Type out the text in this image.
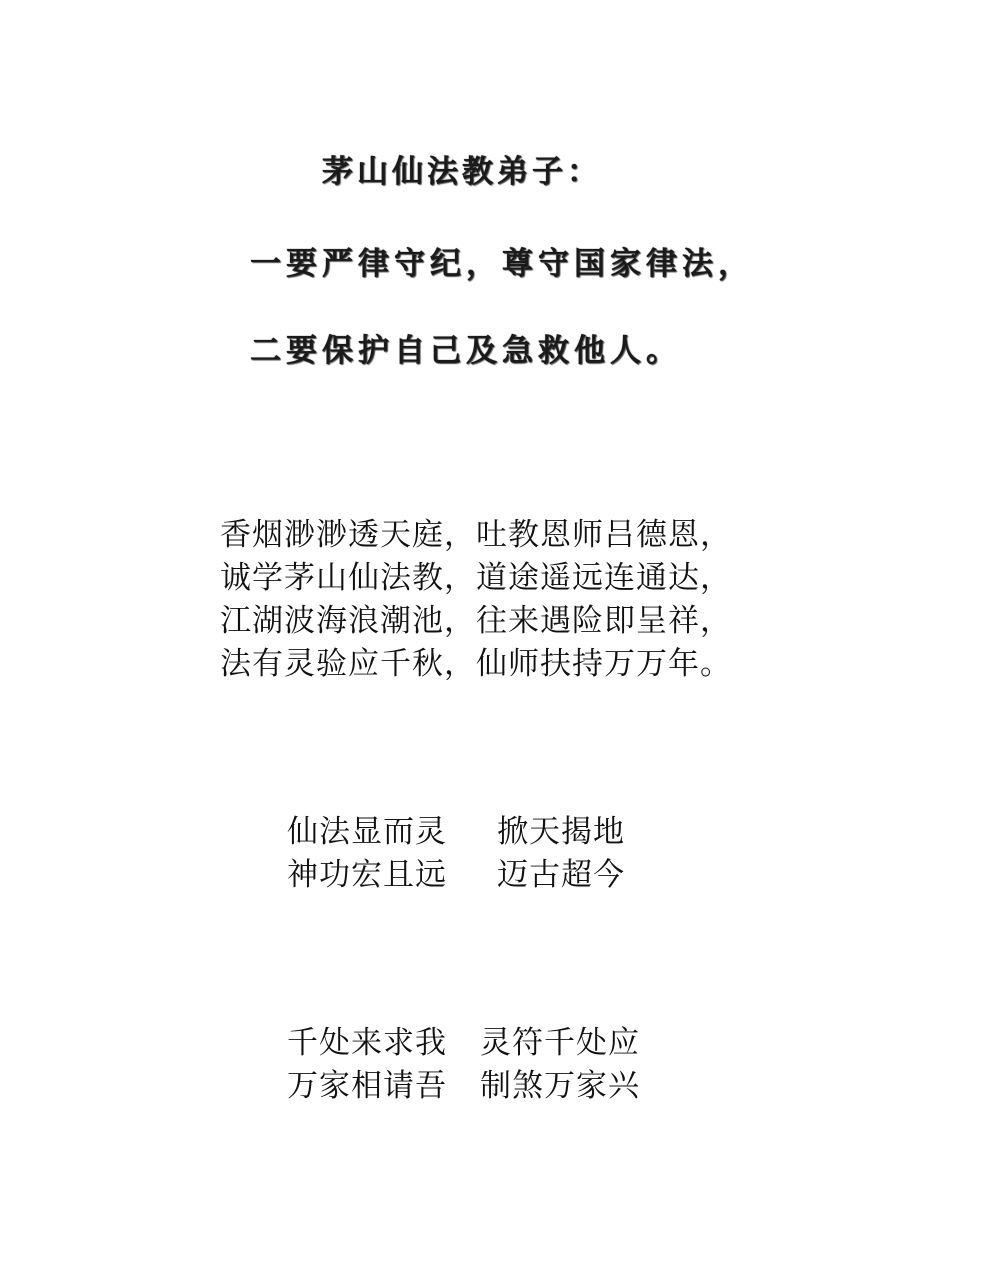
茅山仙法教弟子：
一要严律守纪，尊守国家律法，
二要保护自己及急救他人。
香烟渺渺透天庭，吐教恩师吕德恩，
诚学茅山仙法教，道途遥远连通达，
江湖波海浪潮池，往来遇险即呈祥，
法有灵验应千秋，仙师扶持万万年。
仙法显而灵	掀天揭地
神功宏且远	迈古超今
千处来求我	灵符千处应
万家相请吾	制煞万家兴
